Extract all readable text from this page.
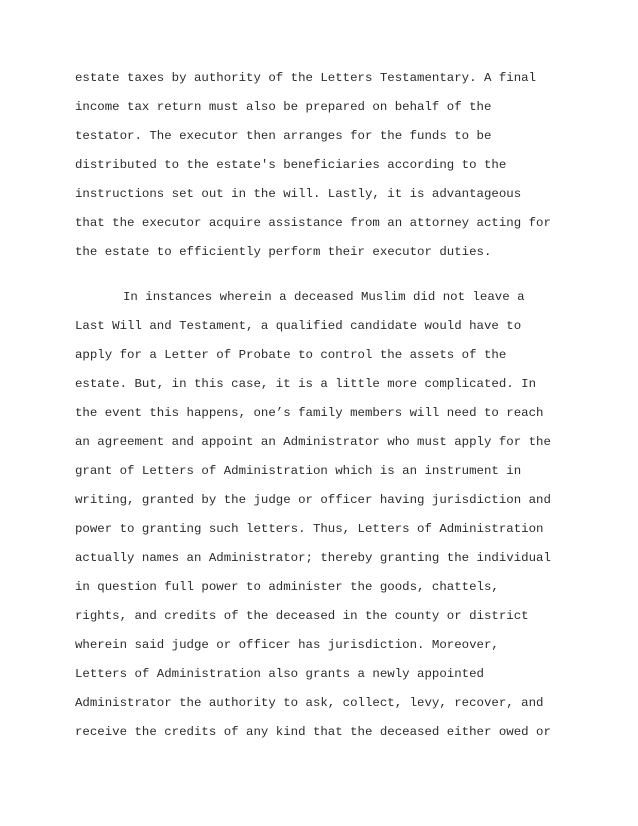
estate taxes by authority of the Letters Testamentary. A final

income tax return must also be prepared on behalf of the

testator. The executor then arranges for the funds to be

distributed to the estate's beneficiaries according to the

instructions set out in the will. Lastly, it is advantageous

that the executor acquire assistance from an attorney acting for

the estate to efficiently perform their executor duties.

In instances wherein a deceased Muslim did not leave a

Last Will and Testament, a qualified candidate would have to

apply for a Letter of Probate to control the assets of the

estate. But, in this case, it is a little more complicated. In

the event this happens, one’s family members will need to reach

an agreement and appoint an Administrator who must apply for the

grant of Letters of Administration which is an instrument in

writing, granted by the judge or officer having jurisdiction and

power to granting such letters. Thus, Letters of Administration

actually names an Administrator; thereby granting the individual

in question full power to administer the goods, chattels,

rights, and credits of the deceased in the county or district

wherein said judge or officer has jurisdiction. Moreover,

Letters of Administration also grants a newly appointed

Administrator the authority to ask, collect, levy, recover, and

receive the credits of any kind that the deceased either owed or
